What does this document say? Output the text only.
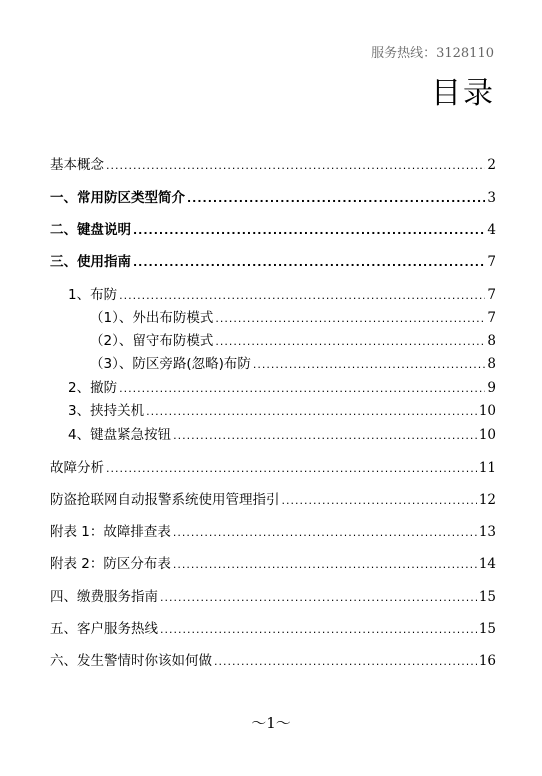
服务热线：3128110
目录
基本概念 .....	2
一、常用防区类型简介 .....	3
二、键盘说明 .....	4
三、使用指南 .....	7
1、布防 .....	7
（1）、外出布防模式 .....	7
（2）、留守布防模式 .....	8
（3）、防区旁路(忽略)布防 .....	8
2、撤防 .....	9
3、挟持关机 .....	10
4、键盘紧急按钮 .....	10
故障分析 .....	11
防盗抢联网自动报警系统使用管理指引 .....	12
附表 1：故障排查表 .....	13
附表 2：防区分布表 .....	14
四、缴费服务指南 .....	15
五、客户服务热线 .....	15
六、发生警情时你该如何做 .....	16
～1～
